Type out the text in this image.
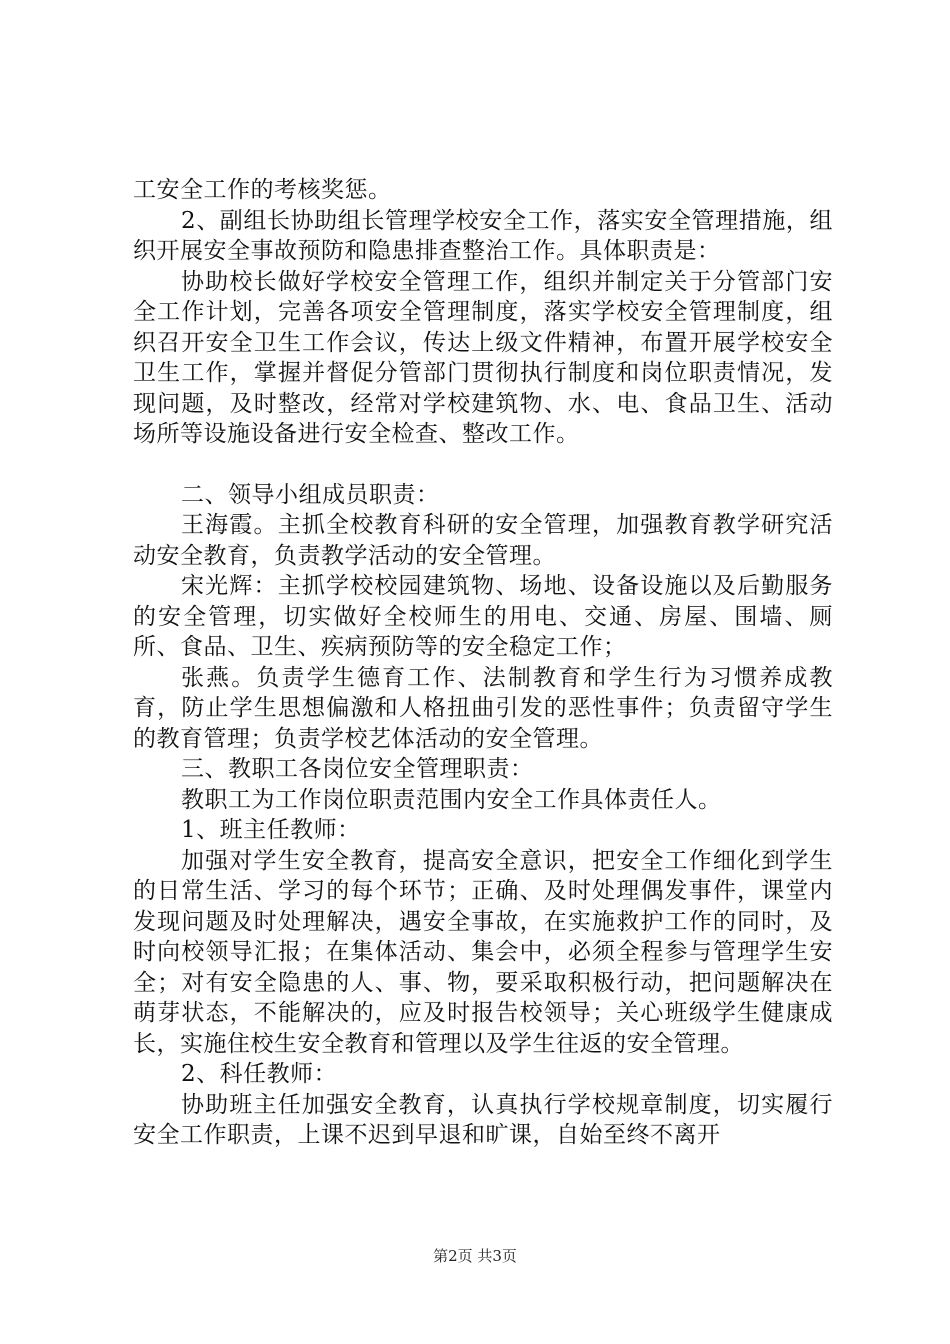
工安全工作的考核奖惩。

2、副组长协助组长管理学校安全工作，落实安全管理措施，组织开展安全事故预防和隐患排查整治工作。具体职责是：

协助校长做好学校安全管理工作，组织并制定关于分管部门安全工作计划，完善各项安全管理制度，落实学校安全管理制度，组织召开安全卫生工作会议，传达上级文件精神，布置开展学校安全卫生工作，掌握并督促分管部门贯彻执行制度和岗位职责情况，发现问题，及时整改，经常对学校建筑物、水、电、食品卫生、活动场所等设施设备进行安全检查、整改工作。

二、领导小组成员职责：

王海霞。主抓全校教育科研的安全管理，加强教育教学研究活动安全教育，负责教学活动的安全管理。

宋光辉：主抓学校校园建筑物、场地、设备设施以及后勤服务的安全管理，切实做好全校师生的用电、交通、房屋、围墙、厕所、食品、卫生、疾病预防等的安全稳定工作；

张燕。负责学生德育工作、法制教育和学生行为习惯养成教育，防止学生思想偏激和人格扭曲引发的恶性事件；负责留守学生的教育管理；负责学校艺体活动的安全管理。

三、教职工各岗位安全管理职责：

教职工为工作岗位职责范围内安全工作具体责任人。

1、班主任教师：

加强对学生安全教育，提高安全意识，把安全工作细化到学生的日常生活、学习的每个环节；正确、及时处理偶发事件，课堂内发现问题及时处理解决，遇安全事故，在实施救护工作的同时，及时向校领导汇报；在集体活动、集会中，必须全程参与管理学生安全；对有安全隐患的人、事、物，要采取积极行动，把问题解决在萌芽状态，不能解决的，应及时报告校领导；关心班级学生健康成长，实施住校生安全教育和管理以及学生往返的安全管理。

2、科任教师：

协助班主任加强安全教育，认真执行学校规章制度，切实履行安全工作职责，上课不迟到早退和旷课，自始至终不离开

第2页 共3页
